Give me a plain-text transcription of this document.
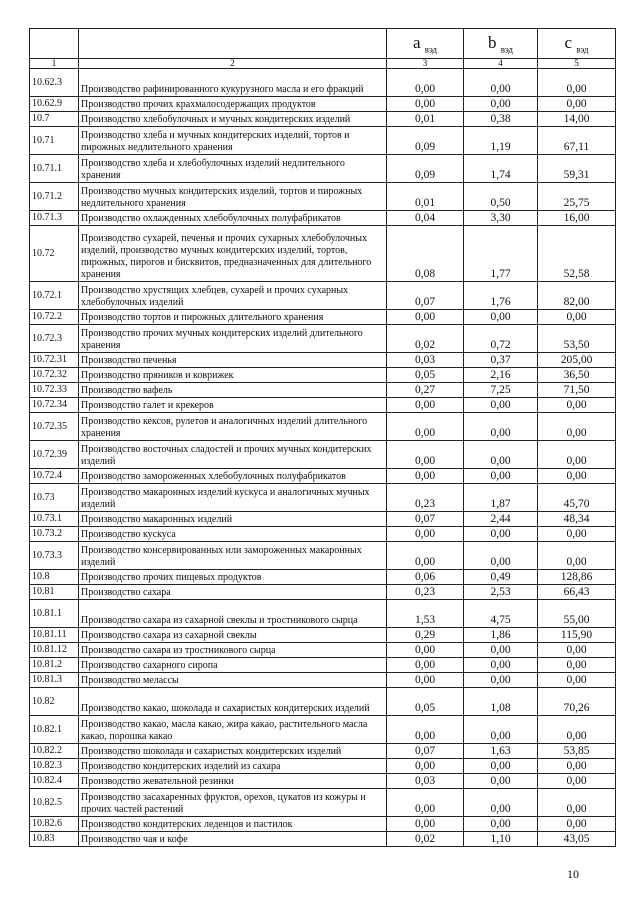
		a $_{вэд}$	b $_{вэд}$	c $_{вэд}$
1	2	3	4	5
10.62.3	Производство рафинированного кукурузного масла и его фракций	0,00	0,00	0,00
10.62.9	Производство прочих крахмалосодержащих продуктов	0,00	0,00	0,00
10.7	Производство хлебобулочных и мучных кондитерских изделий	0,01	0,38	14,00
10.71	Производство хлеба и мучных кондитерских изделий, тортов и пирожных недлительного хранения	0,09	1,19	67,11
10.71.1	Производство хлеба и хлебобулочных изделий недлительного хранения	0,09	1,74	59,31
10.71.2	Производство мучных кондитерских изделий, тортов и пирожных недлительного хранения	0,01	0,50	25,75
10.71.3	Производство охлажденных хлебобулочных полуфабрикатов	0,04	3,30	16,00
10.72	Производство сухарей, печенья и прочих сухарных хлебобулочных изделий, производство мучных кондитерских изделий, тортов, пирожных, пирогов и бисквитов, предназначенных для длительного хранения	0,08	1,77	52,58
10.72.1	Производство хрустящих хлебцев, сухарей и прочих сухарных хлебобулочных изделий	0,07	1,76	82,00
10.72.2	Производство тортов и пирожных длительного хранения	0,00	0,00	0,00
10.72.3	Производство прочих мучных кондитерских изделий длительного хранения	0,02	0,72	53,50
10.72.31	Производство печенья	0,03	0,37	205,00
10.72.32	Производство пряников и коврижек	0,05	2,16	36,50
10.72.33	Производство вафель	0,27	7,25	71,50
10.72.34	Производство галет и крекеров	0,00	0,00	0,00
10.72.35	Производство кексов, рулетов и аналогичных изделий длительного хранения	0,00	0,00	0,00
10.72.39	Производство восточных сладостей и прочих мучных кондитерских изделий	0,00	0,00	0,00
10.72.4	Производство замороженных хлебобулочных полуфабрикатов	0,00	0,00	0,00
10.73	Производство макаронных изделий кускуса и аналогичных мучных изделий	0,23	1,87	45,70
10.73.1	Производство макаронных изделий	0,07	2,44	48,34
10.73.2	Производство кускуса	0,00	0,00	0,00
10.73.3	Производство консервированных или замороженных макаронных изделий	0,00	0,00	0,00
10.8	Производство прочих пищевых продуктов	0,06	0,49	128,86
10.81	Производство сахара	0,23	2,53	66,43
10.81.1	Производство сахара из сахарной свеклы и тростникового сырца	1,53	4,75	55,00
10.81.11	Производство сахара из сахарной свеклы	0,29	1,86	115,90
10.81.12	Производство сахара из тростникового сырца	0,00	0,00	0,00
10.81.2	Производство сахарного сиропа	0,00	0,00	0,00
10.81.3	Производство мелассы	0,00	0,00	0,00
10.82	Производство какао, шоколада и сахаристых кондитерских изделий	0,05	1,08	70,26
10.82.1	Производство какао, масла какао, жира какао, растительного масла какао, порошка какао	0,00	0,00	0,00
10.82.2	Производство шоколада и сахаристых кондитерских изделий	0,07	1,63	53,85
10.82.3	Производство кондитерских изделий из сахара	0,00	0,00	0,00
10.82.4	Производство жевательной резинки	0,03	0,00	0,00
10.82.5	Производство засахаренных фруктов, орехов, цукатов из кожуры и прочих частей растений	0,00	0,00	0,00
10.82.6	Производство кондитерских леденцов и пастилок	0,00	0,00	0,00
10.83	Производство чая и кофе	0,02	1,10	43,05
10
